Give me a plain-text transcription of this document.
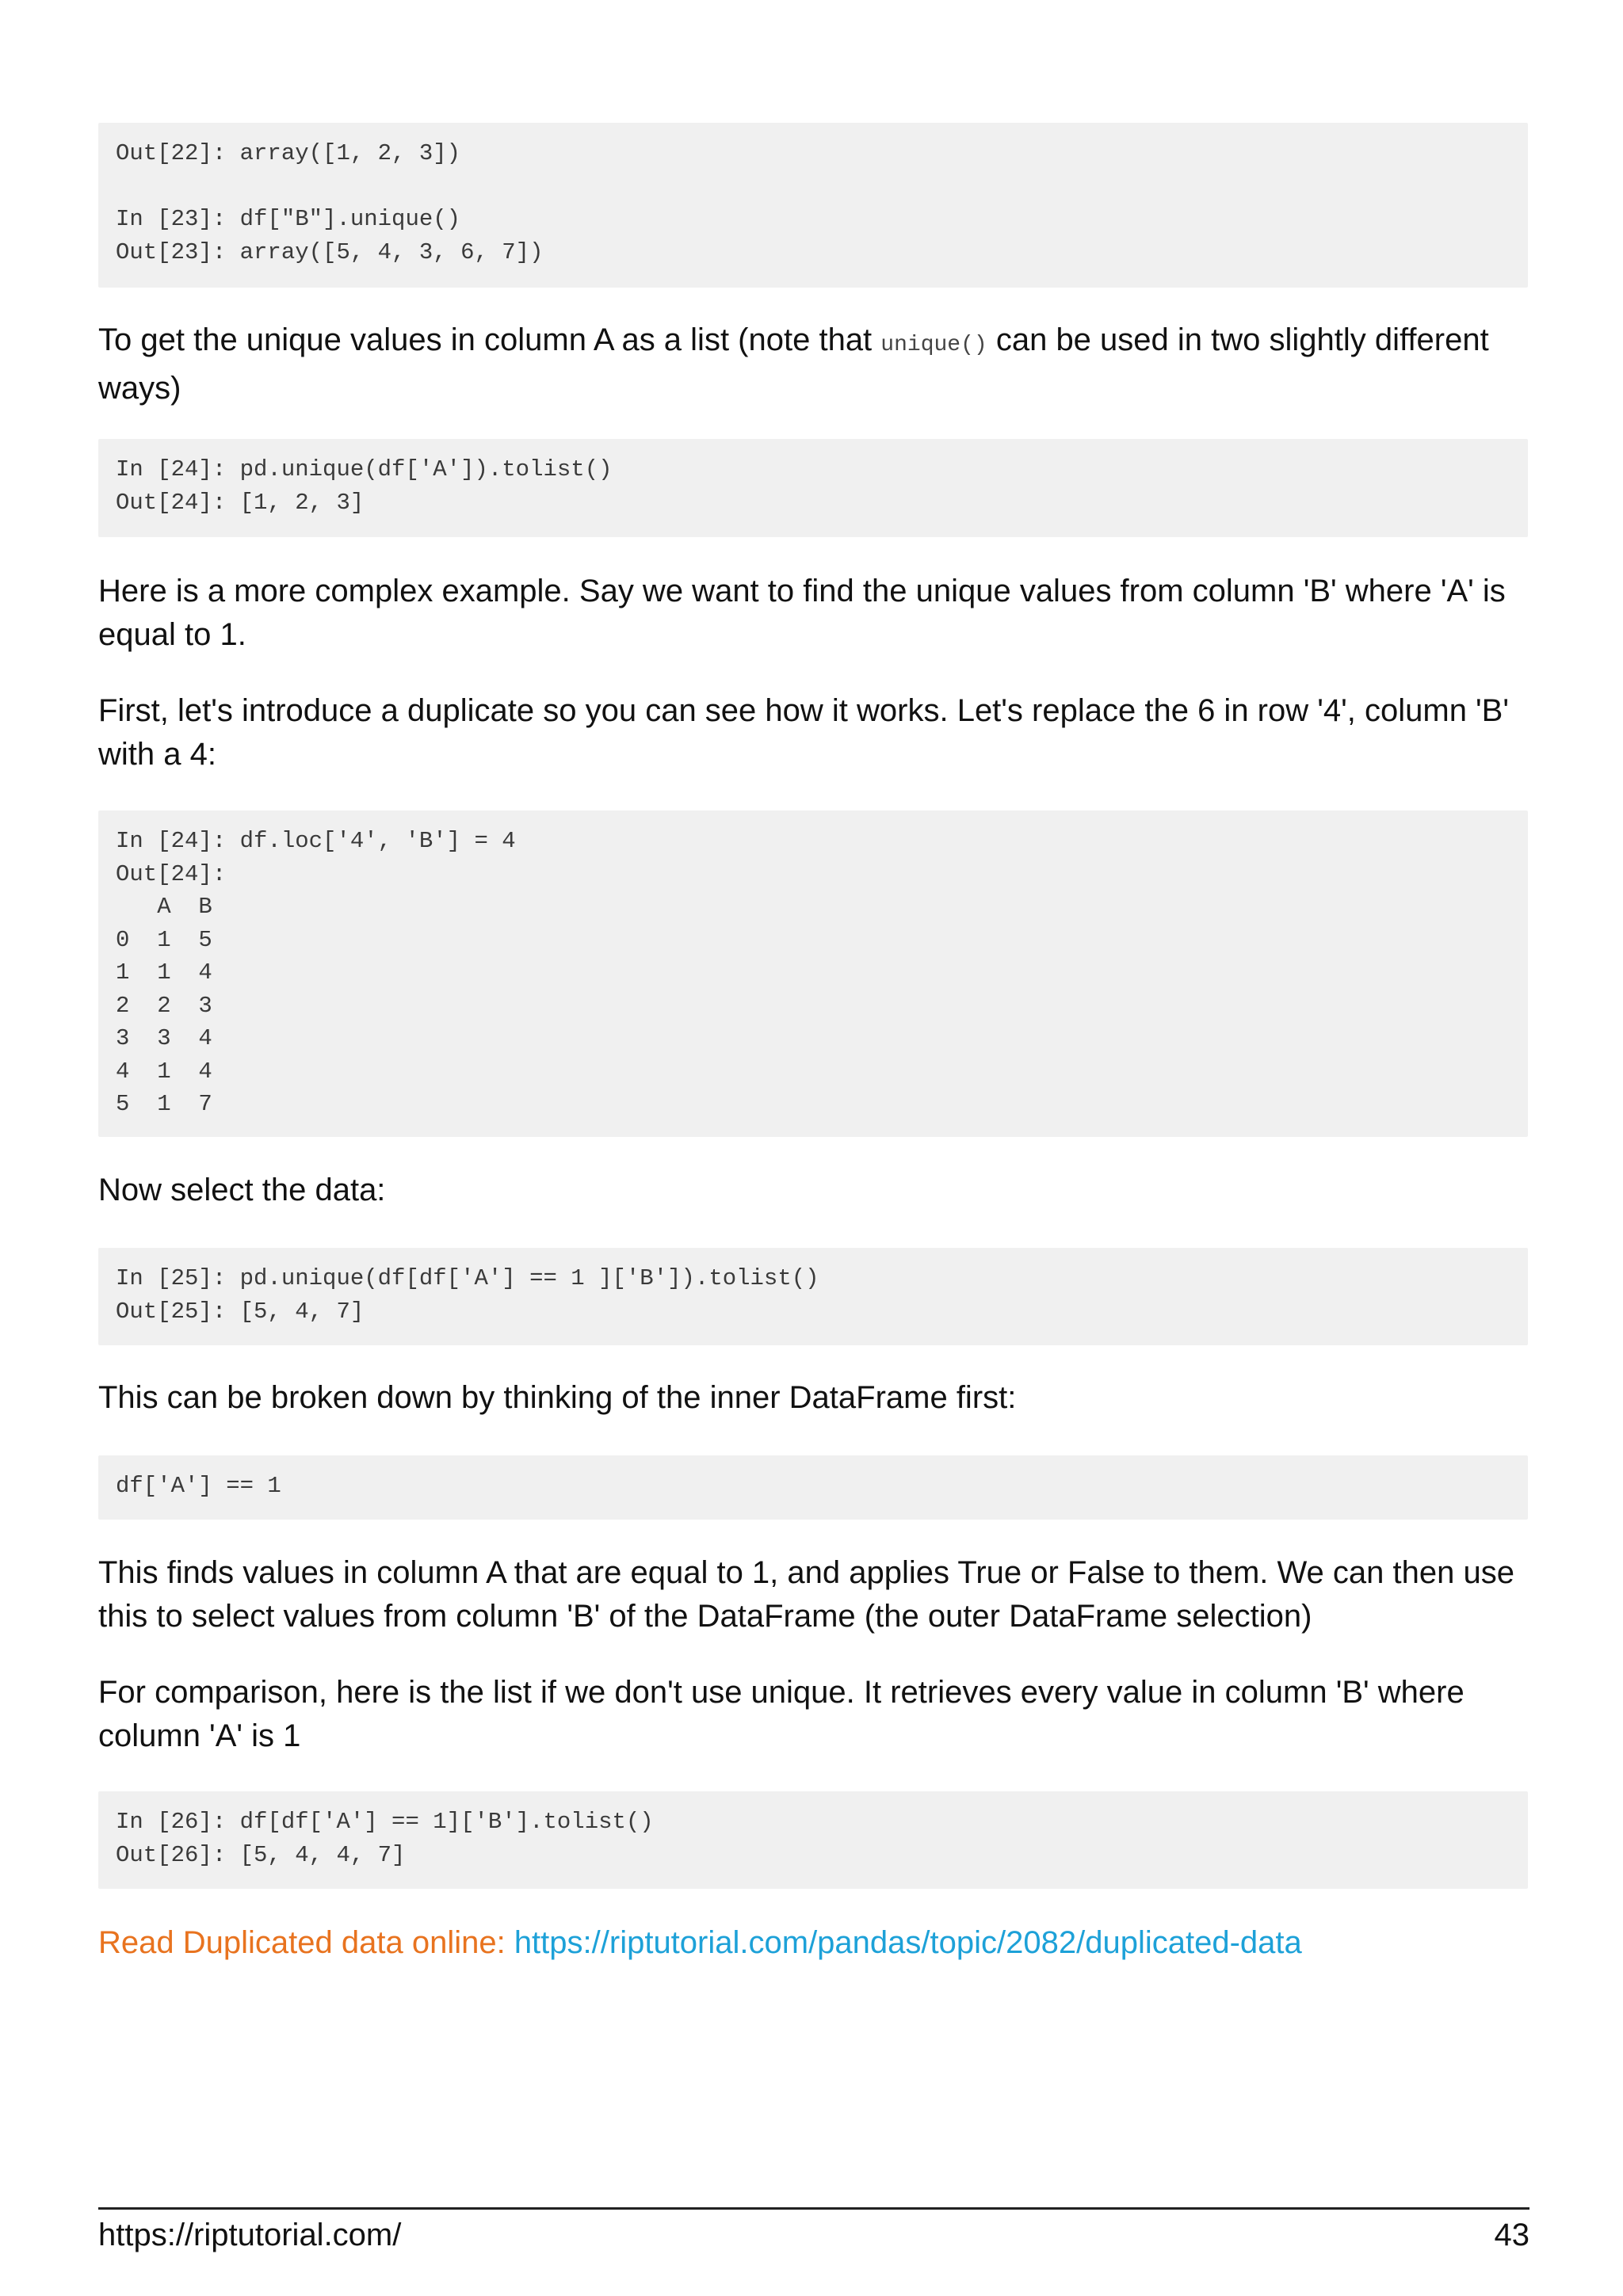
Out[22]: array([1, 2, 3])

In [23]: df["B"].unique()
Out[23]: array([5, 4, 3, 6, 7])

To get the unique values in column A as a list (note that unique() can be used in two slightly different ways)

In [24]: pd.unique(df['A']).tolist()
Out[24]: [1, 2, 3]

Here is a more complex example. Say we want to find the unique values from column 'B' where 'A' is equal to 1.

First, let's introduce a duplicate so you can see how it works. Let's replace the 6 in row '4', column 'B' with a 4:

In [24]: df.loc['4', 'B'] = 4
Out[24]:
A  B
0  1  5
1  1  4
2  2  3
3  3  4
4  1  4
5  1  7

Now select the data:

In [25]: pd.unique(df[df['A'] == 1 ]['B']).tolist()
Out[25]: [5, 4, 7]

This can be broken down by thinking of the inner DataFrame first:

df['A'] == 1

This finds values in column A that are equal to 1, and applies True or False to them. We can then use this to select values from column 'B' of the DataFrame (the outer DataFrame selection)

For comparison, here is the list if we don't use unique. It retrieves every value in column 'B' where column 'A' is 1

In [26]: df[df['A'] == 1]['B'].tolist()
Out[26]: [5, 4, 4, 7]

Read Duplicated data online: https://riptutorial.com/pandas/topic/2082/duplicated-data

https://riptutorial.com/	43
